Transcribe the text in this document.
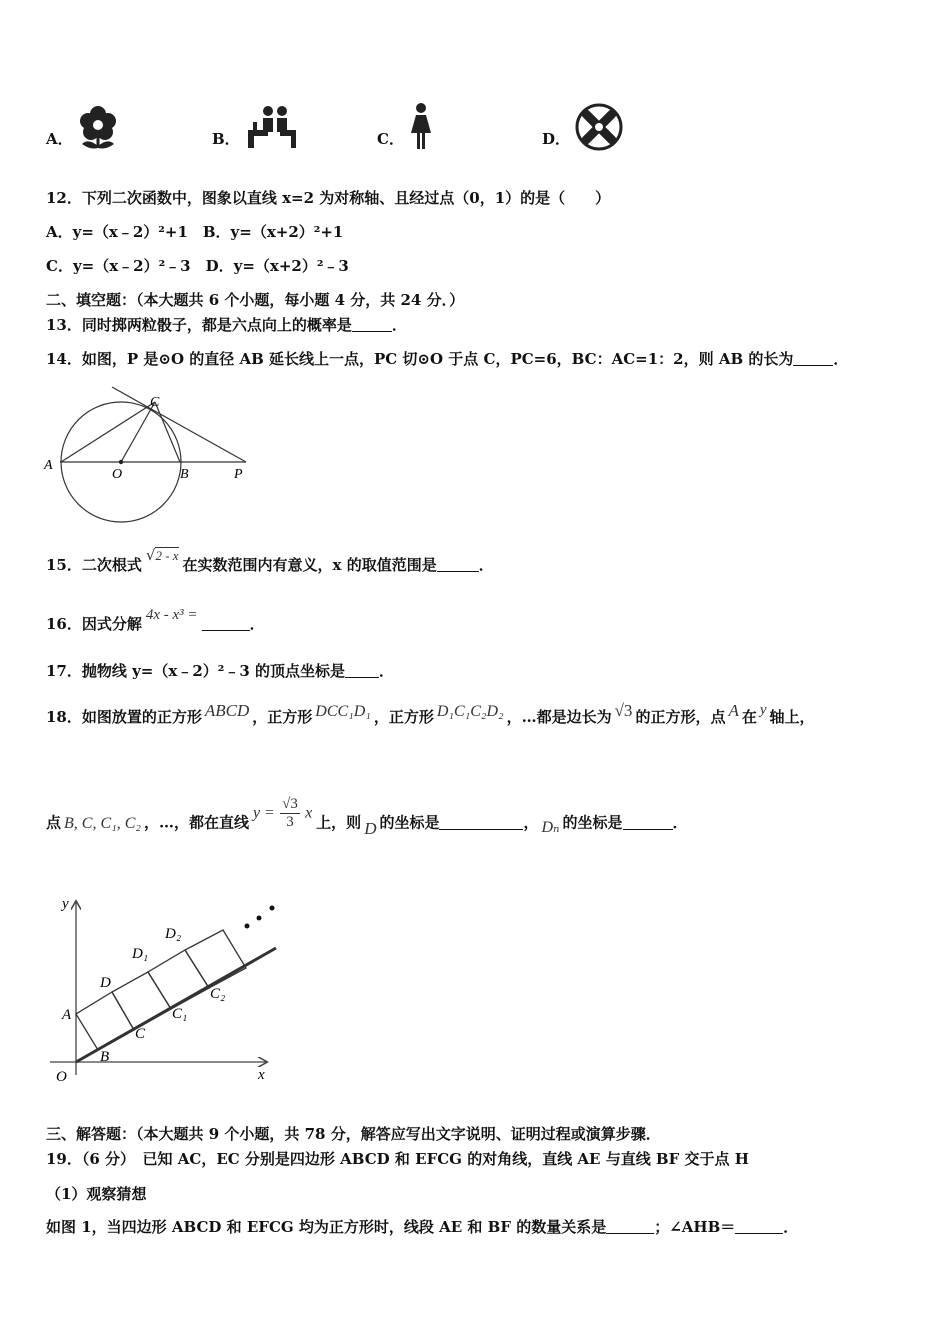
A．	B．	C．	D．
12．下列二次函数中，图象以直线 x=2 为对称轴、且经过点（0，1）的是（　　）
A．y=（x﹣2）²+1　B．y=（x+2）²+1
C．y=（x﹣2）²﹣3　D．y=（x+2）²﹣3
二、填空题：（本大题共 6 个小题，每小题 4 分，共 24 分．）
13．同时掷两粒骰子，都是六点向上的概率是	．
14．如图，P 是⊙O 的直径 AB 延长线上一点，PC 切⊙O 于点 C，PC=6，BC：AC=1：2，则 AB 的长为	．
A
O	B
C
P
15．二次根式√2 - x在实数范围内有意义，x 的取值范围是	．
16．因式分解 4x - x³ =	．
17．抛物线 y=（x﹣2）²﹣3 的顶点坐标是 ．
18．如图放置的正方形 ABCD ，正方形 DCC₁D₁ ，正方形 D₁C₁C₂D₂ ，…都是边长为 √3 的正方形，点 A 在 y 轴上，
点 B, C, C₁, C₂ ，…，都在直线$y = \frac{√3}{3}$ x上，则 D 的坐标是	， Dₙ 的坐标是	．
y
x
O
A
B
C
D
C₁
D₁
C₂
D₂
三、解答题：（本大题共 9 个小题，共 78 分，解答应写出文字说明、证明过程或演算步骤．
19．（6 分）　已知 AC，EC 分别是四边形 ABCD 和 EFCG 的对角线，直线 AE 与直线 BF 交于点 H
（1）观察猜想
如图 1，当四边形 ABCD 和 EFCG 均为正方形时，线段 AE 和 BF 的数量关系是	；∠AHB＝	．
